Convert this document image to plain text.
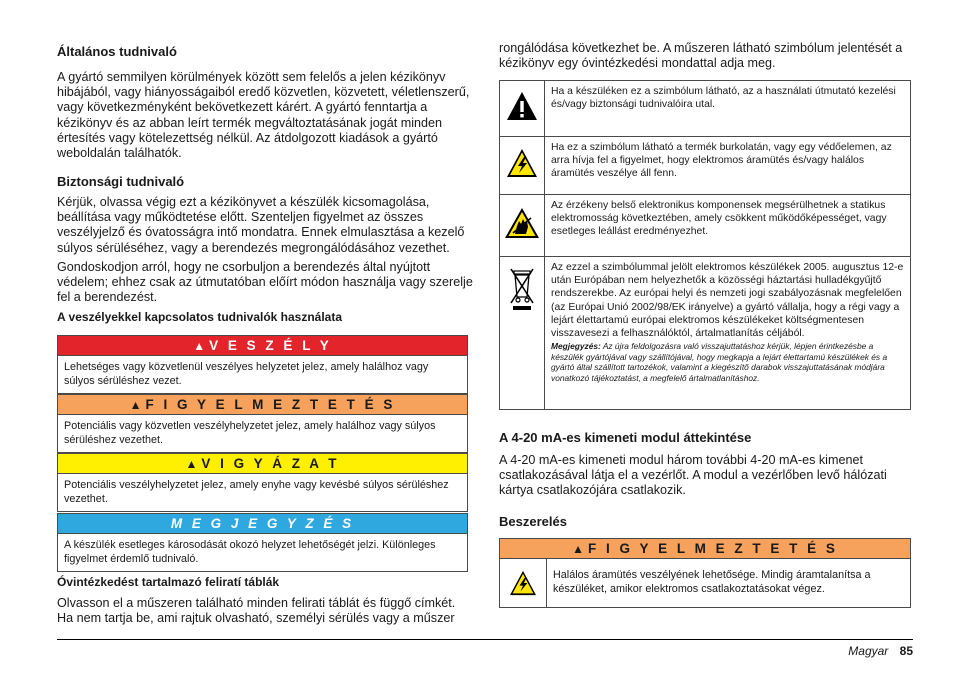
Általános tudnivaló

A gyártó semmilyen körülmények között sem felelős a jelen kézikönyv hibájából, vagy hiányosságaiból eredő közvetlen, közvetett, véletlenszerű, vagy következményként bekövetkezett kárért. A gyártó fenntartja a kézikönyv és az abban leírt termék megváltoztatásának jogát minden értesítés vagy kötelezettség nélkül. Az átdolgozott kiadások a gyártó weboldalán találhatók.

Biztonsági tudnivaló

Kérjük, olvassa végig ezt a kézikönyvet a készülék kicsomagolása, beállítása vagy működtetése előtt. Szenteljen figyelmet az összes veszélyjelző és óvatosságra intő mondatra. Ennek elmulasztása a kezelő súlyos sérüléséhez, vagy a berendezés megrongálódásához vezethet.

Gondoskodjon arról, hogy ne csorbuljon a berendezés által nyújtott védelem; ehhez csak az útmutatóban előírt módon használja vagy szerelje fel a berendezést.

A veszélyekkel kapcsolatos tudnivalók használata
▲ V E S Z É L Y
Lehetséges vagy közvetlenül veszélyes helyzetet jelez, amely halálhoz vagy súlyos sérüléshez vezet.
▲ F I G Y E L M E Z T E T É S
Potenciális vagy közvetlen veszélyhelyzetet jelez, amely halálhoz vagy súlyos sérüléshez vezethet.
▲ V I G Y Á Z A T
Potenciális veszélyhelyzetet jelez, amely enyhe vagy kevésbé súlyos sérüléshez vezethet.
M E G J E G Y Z É S
A készülék esetleges károsodását okozó helyzet lehetőségét jelzi. Különleges figyelmet érdemlő tudnivaló.
Óvintézkedést tartalmazó feliratí táblák

Olvasson el a műszeren található minden felirati táblát és függő címkét. Ha nem tartja be, ami rajtuk olvasható, személyi sérülés vagy a műszer

rongálódása következhet be. A műszeren látható szimbólum jelentését a kézikönyv egy óvintézkedési mondattal adja meg.

	Ha a készüléken ez a szimbólum látható, az a használati útmutató kezelési és/vagy biztonsági tudnivalóira utal.
	Ha ez a szimbólum látható a termék burkolatán, vagy egy védőelemen, az arra hívja fel a figyelmet, hogy elektromos áramütés és/vagy halálos áramütés veszélye áll fenn.
	Az érzékeny belső elektronikus komponensek megsérülhetnek a statikus elektromosság következtében, amely csökkent működőképességet, vagy esetleges leállást eredményezhet.
	Az ezzel a szimbólummal jelölt elektromos készülékek 2005. augusztus 12-e után Európában nem helyezhetők a közösségi háztartási hulladékgyűjtő rendszerekbe. Az európai helyi és nemzeti jogi szabályozásnak megfelelően (az Európai Unió 2002/98/EK irányelve) a gyártó vállalja, hogy a régi vagy a lejárt élettartamú európai elektromos készülékeket költségmentesen visszavesezi a felhasználóktól, ártalmatlanítás céljából.
Megjegyzés: Az újra feldolgozásra való visszajuttatáshoz kérjük, lépjen érintkezésbe a készülék gyártójával vagy szállítójával, hogy megkapja a lejárt élettartamú készülékek és a gyártó által szállított tartozékok, valamint a kiegészítő darabok visszajuttatásának módjára vonatkozó tájékoztatást, a megfelelő ártalmatlanításhoz.
A 4-20 mA-es kimeneti modul áttekintése

A 4-20 mA-es kimeneti modul három további 4-20 mA-es kimenet csatlakozásával látja el a vezérlőt. A modul a vezérlőben levő hálózati kártya csatlakozójára csatlakozik.

Beszerelés
▲ F I G Y E L M E Z T E T É S
Halálos áramütés veszélyének lehetősége. Mindig áramtalanítsa a készüléket, amikor elektromos csatlakoztatásokat végez.
Magyar 85
